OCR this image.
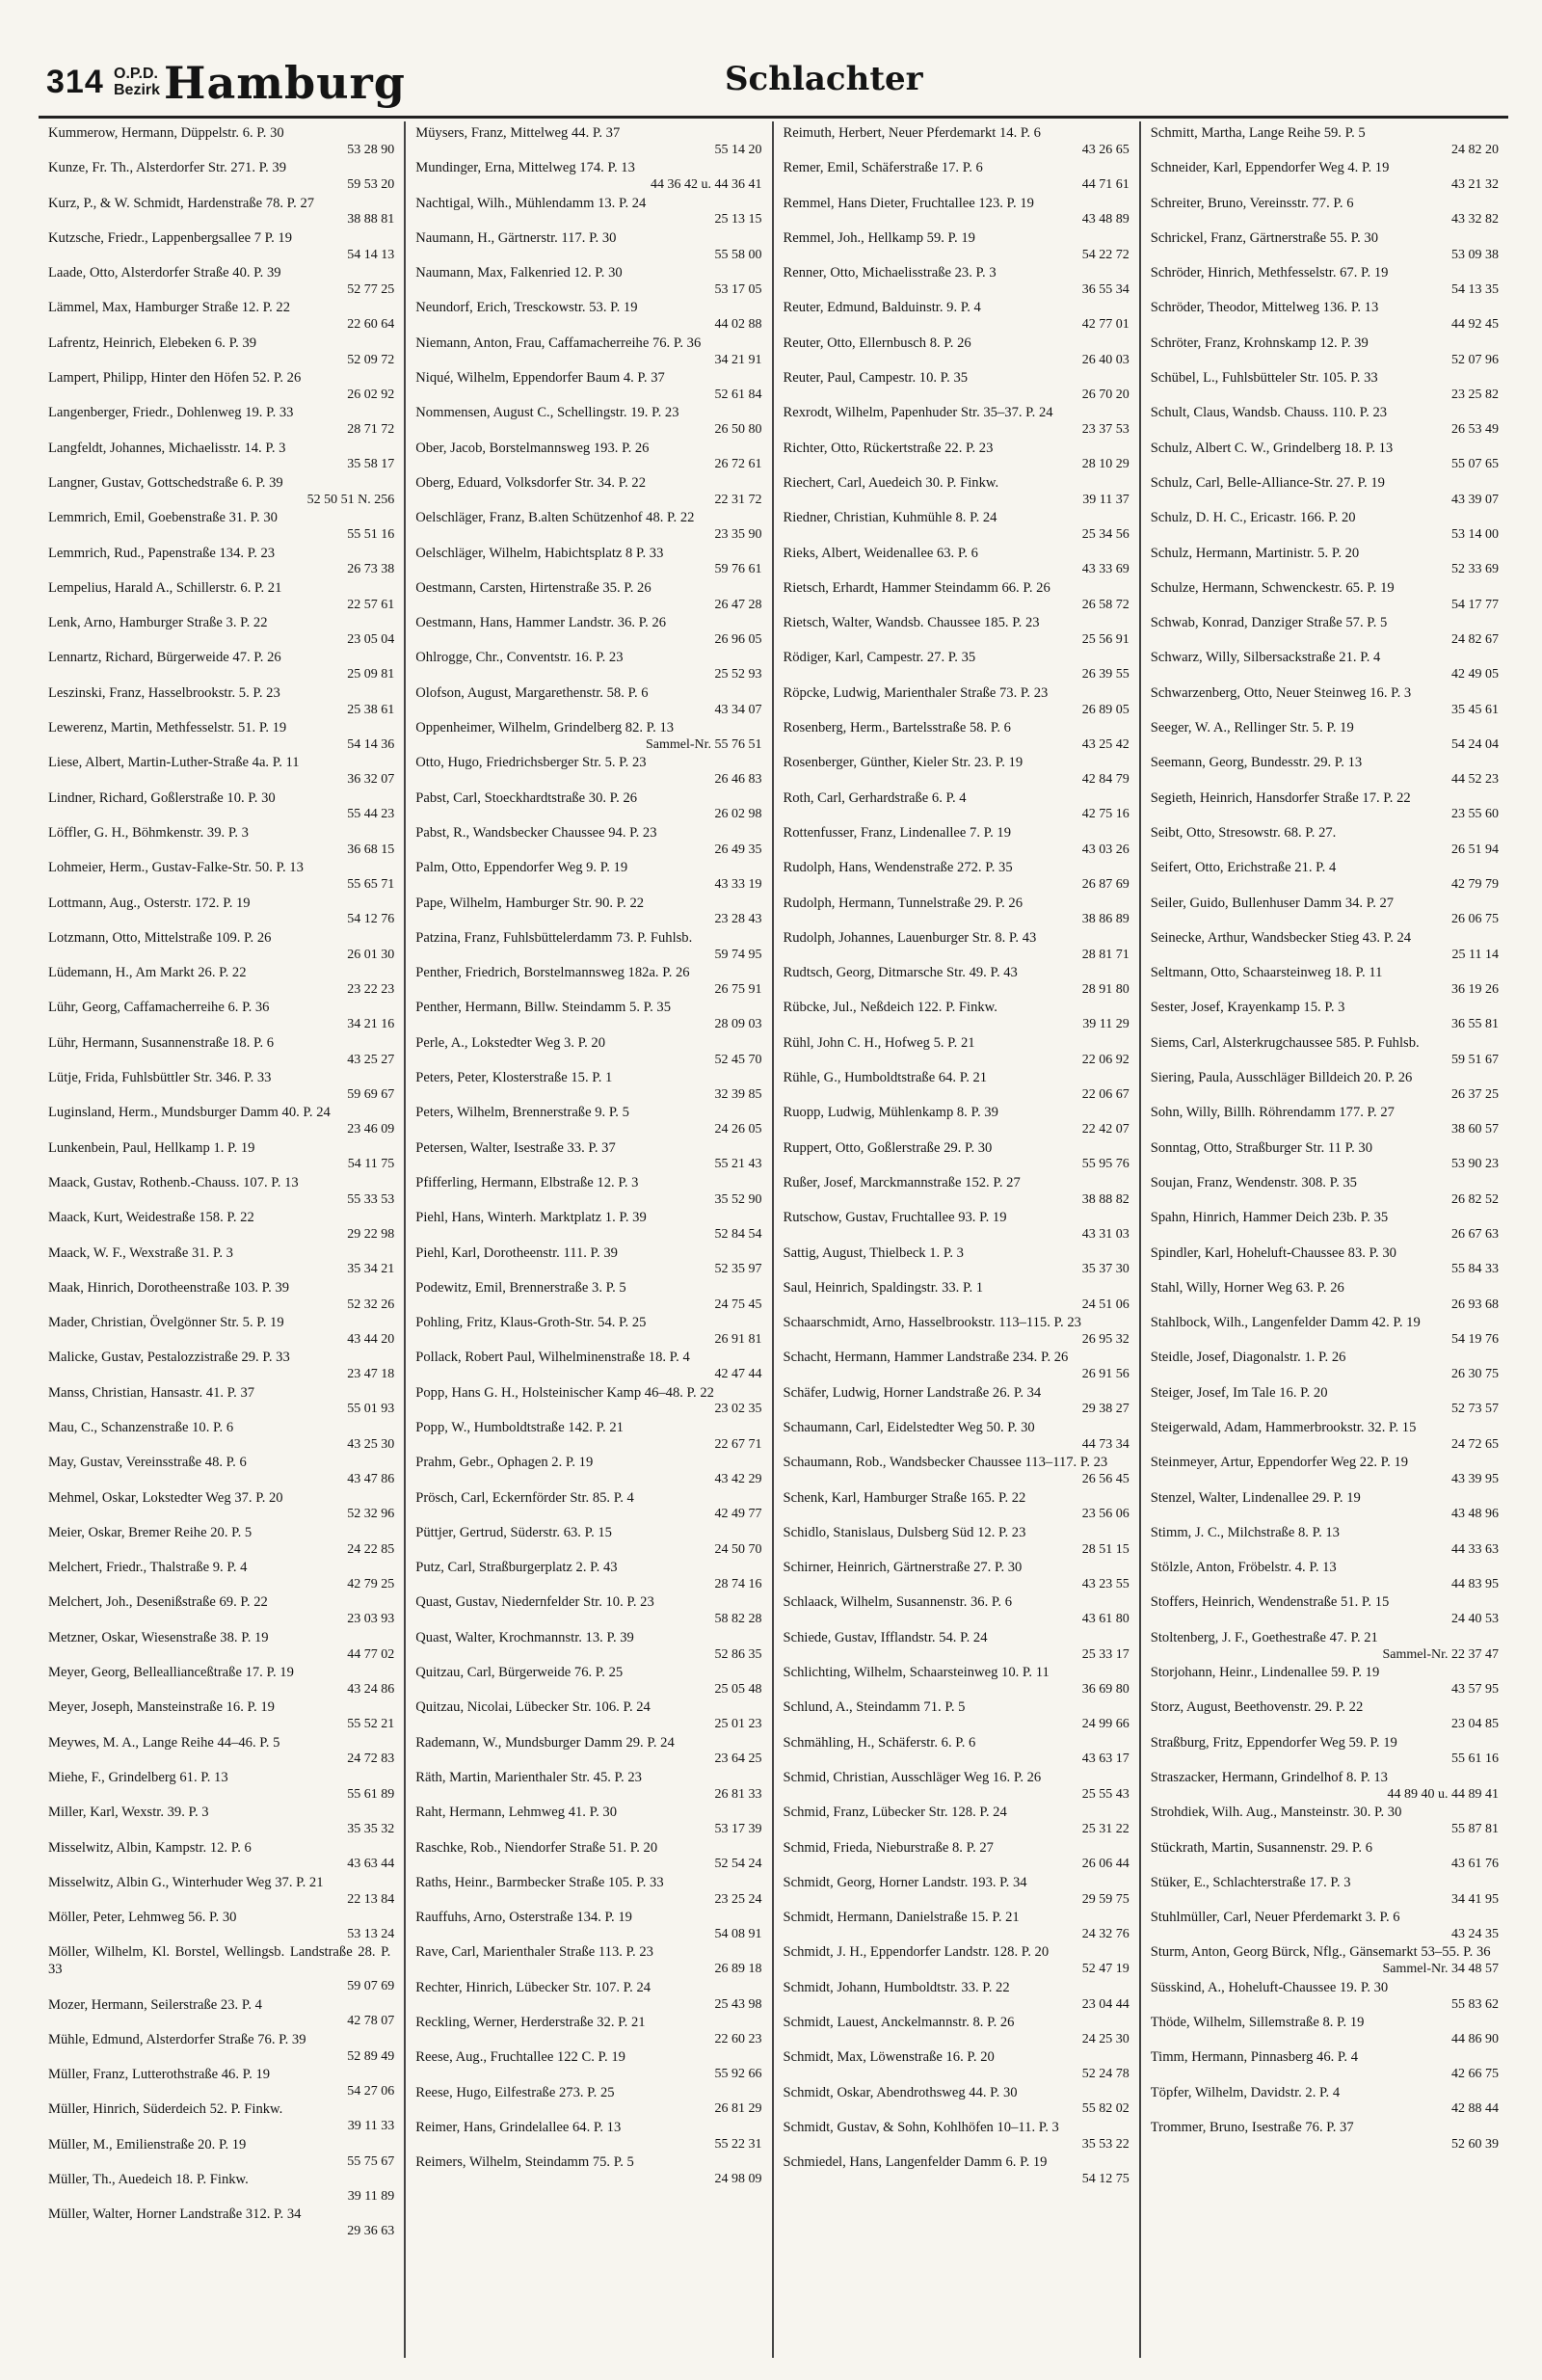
314 O.P.D.
Bezirk Hamburg	Schlachter
Kummerow, Hermann, Düppelstr. 6. P. 30
53 28 90
Kunze, Fr. Th., Alsterdorfer Str. 271. P. 39
59 53 20
Kurz, P., & W. Schmidt, Hardenstraße 78. P. 27
38 88 81
Kutzsche, Friedr., Lappenbergsallee 7 P. 19
54 14 13
Laade, Otto, Alsterdorfer Straße 40. P. 39
52 77 25
Lämmel, Max, Hamburger Straße 12. P. 22
22 60 64
Lafrentz, Heinrich, Elebeken 6. P. 39
52 09 72
Lampert, Philipp, Hinter den Höfen 52. P. 26
26 02 92
Langenberger, Friedr., Dohlenweg 19. P. 33
28 71 72
Langfeldt, Johannes, Michaelisstr. 14. P. 3
35 58 17
Langner, Gustav, Gottschedstraße 6. P. 39
52 50 51 N. 256
Lemmrich, Emil, Goebenstraße 31. P. 30
55 51 16
Lemmrich, Rud., Papenstraße 134. P. 23
26 73 38
Lempelius, Harald A., Schillerstr. 6. P. 21
22 57 61
Lenk, Arno, Hamburger Straße 3. P. 22
23 05 04
Lennartz, Richard, Bürgerweide 47. P. 26
25 09 81
Leszinski, Franz, Hasselbrookstr. 5. P. 23
25 38 61
Lewerenz, Martin, Methfesselstr. 51. P. 19
54 14 36
Liese, Albert, Martin-Luther-Straße 4a. P. 11
36 32 07
Lindner, Richard, Goßlerstraße 10. P. 30
55 44 23
Löffler, G. H., Böhmkenstr. 39. P. 3
36 68 15
Lohmeier, Herm., Gustav-Falke-Str. 50. P. 13
55 65 71
Lottmann, Aug., Osterstr. 172. P. 19
54 12 76
Lotzmann, Otto, Mittelstraße 109. P. 26
26 01 30
Lüdemann, H., Am Markt 26. P. 22
23 22 23
Lühr, Georg, Caffamacherreihe 6. P. 36
34 21 16
Lühr, Hermann, Susannenstraße 18. P. 6
43 25 27
Lütje, Frida, Fuhlsbüttler Str. 346. P. 33
59 69 67
Luginsland, Herm., Mundsburger Damm 40. P. 24
23 46 09
Lunkenbein, Paul, Hellkamp 1. P. 19
54 11 75
Maack, Gustav, Rothenb.-Chauss. 107. P. 13
55 33 53
Maack, Kurt, Weidestraße 158. P. 22
29 22 98
Maack, W. F., Wexstraße 31. P. 3
35 34 21
Maak, Hinrich, Dorotheenstraße 103. P. 39
52 32 26
Mader, Christian, Övelgönner Str. 5. P. 19
43 44 20
Malicke, Gustav, Pestalozzistraße 29. P. 33
23 47 18
Manss, Christian, Hansastr. 41. P. 37
55 01 93
Mau, C., Schanzenstraße 10. P. 6
43 25 30
May, Gustav, Vereinsstraße 48. P. 6
43 47 86
Mehmel, Oskar, Lokstedter Weg 37. P. 20
52 32 96
Meier, Oskar, Bremer Reihe 20. P. 5
24 22 85
Melchert, Friedr., Thalstraße 9. P. 4
42 79 25
Melchert, Joh., Desenißstraße 69. P. 22
23 03 93
Metzner, Oskar, Wiesenstraße 38. P. 19
44 77 02
Meyer, Georg, Belleallianceßtraße 17. P. 19
43 24 86
Meyer, Joseph, Mansteinstraße 16. P. 19
55 52 21
Meywes, M. A., Lange Reihe 44–46. P. 5
24 72 83
Miehe, F., Grindelberg 61. P. 13
55 61 89
Miller, Karl, Wexstr. 39. P. 3
35 35 32
Misselwitz, Albin, Kampstr. 12. P. 6
43 63 44
Misselwitz, Albin G., Winterhuder Weg 37. P. 21
22 13 84
Möller, Peter, Lehmweg 56. P. 30
53 13 24
Möller, Wilhelm, Kl. Borstel, Wellingsb. Landstraße 28. P. 33
59 07 69
Mozer, Hermann, Seilerstraße 23. P. 4
42 78 07
Mühle, Edmund, Alsterdorfer Straße 76. P. 39
52 89 49
Müller, Franz, Lutterothstraße 46. P. 19
54 27 06
Müller, Hinrich, Süderdeich 52. P. Finkw.
39 11 33
Müller, M., Emilienstraße 20. P. 19
55 75 67
Müller, Th., Auedeich 18. P. Finkw.
39 11 89
Müller, Walter, Horner Landstraße 312. P. 34
29 36 63
Müysers, Franz, Mittelweg 44. P. 37
55 14 20
Mundinger, Erna, Mittelweg 174. P. 13
44 36 42 u. 44 36 41
Nachtigal, Wilh., Mühlendamm 13. P. 24
25 13 15
Naumann, H., Gärtnerstr. 117. P. 30
55 58 00
Naumann, Max, Falkenried 12. P. 30
53 17 05
Neundorf, Erich, Tresckowstr. 53. P. 19
44 02 88
Niemann, Anton, Frau, Caffamacherreihe 76. P. 36
34 21 91
Niqué, Wilhelm, Eppendorfer Baum 4. P. 37
52 61 84
Nommensen, August C., Schellingstr. 19. P. 23
26 50 80
Ober, Jacob, Borstelmannsweg 193. P. 26
26 72 61
Oberg, Eduard, Volksdorfer Str. 34. P. 22
22 31 72
Oelschläger, Franz, B.alten Schützenhof 48. P. 22
23 35 90
Oelschläger, Wilhelm, Habichtsplatz 8 P. 33
59 76 61
Oestmann, Carsten, Hirtenstraße 35. P. 26
26 47 28
Oestmann, Hans, Hammer Landstr. 36. P. 26
26 96 05
Ohlrogge, Chr., Conventstr. 16. P. 23
25 52 93
Olofson, August, Margarethenstr. 58. P. 6
43 34 07
Oppenheimer, Wilhelm, Grindelberg 82. P. 13
Sammel-Nr. 55 76 51
Otto, Hugo, Friedrichsberger Str. 5. P. 23
26 46 83
Pabst, Carl, Stoeckhardtstraße 30. P. 26
26 02 98
Pabst, R., Wandsbecker Chaussee 94. P. 23
26 49 35
Palm, Otto, Eppendorfer Weg 9. P. 19
43 33 19
Pape, Wilhelm, Hamburger Str. 90. P. 22
23 28 43
Patzina, Franz, Fuhlsbüttelerdamm 73. P. Fuhlsb.
59 74 95
Penther, Friedrich, Borstelmannsweg 182a. P. 26
26 75 91
Penther, Hermann, Billw. Steindamm 5. P. 35
28 09 03
Perle, A., Lokstedter Weg 3. P. 20
52 45 70
Peters, Peter, Klosterstraße 15. P. 1
32 39 85
Peters, Wilhelm, Brennerstraße 9. P. 5
24 26 05
Petersen, Walter, Isestraße 33. P. 37
55 21 43
Pfifferling, Hermann, Elbstraße 12. P. 3
35 52 90
Piehl, Hans, Winterh. Marktplatz 1. P. 39
52 84 54
Piehl, Karl, Dorotheenstr. 111. P. 39
52 35 97
Podewitz, Emil, Brennerstraße 3. P. 5
24 75 45
Pohling, Fritz, Klaus-Groth-Str. 54. P. 25
26 91 81
Pollack, Robert Paul, Wilhelminenstraße 18. P. 4
42 47 44
Popp, Hans G. H., Holsteinischer Kamp 46–48. P. 22
23 02 35
Popp, W., Humboldtstraße 142. P. 21
22 67 71
Prahm, Gebr., Ophagen 2. P. 19
43 42 29
Prösch, Carl, Eckernförder Str. 85. P. 4
42 49 77
Püttjer, Gertrud, Süderstr. 63. P. 15
24 50 70
Putz, Carl, Straßburgerplatz 2. P. 43
28 74 16
Quast, Gustav, Niedernfelder Str. 10. P. 23
58 82 28
Quast, Walter, Krochmannstr. 13. P. 39
52 86 35
Quitzau, Carl, Bürgerweide 76. P. 25
25 05 48
Quitzau, Nicolai, Lübecker Str. 106. P. 24
25 01 23
Rademann, W., Mundsburger Damm 29. P. 24
23 64 25
Räth, Martin, Marienthaler Str. 45. P. 23
26 81 33
Raht, Hermann, Lehmweg 41. P. 30
53 17 39
Raschke, Rob., Niendorfer Straße 51. P. 20
52 54 24
Raths, Heinr., Barmbecker Straße 105. P. 33
23 25 24
Rauffuhs, Arno, Osterstraße 134. P. 19
54 08 91
Rave, Carl, Marienthaler Straße 113. P. 23
26 89 18
Rechter, Hinrich, Lübecker Str. 107. P. 24
25 43 98
Reckling, Werner, Herderstraße 32. P. 21
22 60 23
Reese, Aug., Fruchtallee 122 C. P. 19
55 92 66
Reese, Hugo, Eilfestraße 273. P. 25
26 81 29
Reimer, Hans, Grindelallee 64. P. 13
55 22 31
Reimers, Wilhelm, Steindamm 75. P. 5
24 98 09
Reimuth, Herbert, Neuer Pferdemarkt 14. P. 6
43 26 65
Remer, Emil, Schäferstraße 17. P. 6
44 71 61
Remmel, Hans Dieter, Fruchtallee 123. P. 19
43 48 89
Remmel, Joh., Hellkamp 59. P. 19
54 22 72
Renner, Otto, Michaelisstraße 23. P. 3
36 55 34
Reuter, Edmund, Balduinstr. 9. P. 4
42 77 01
Reuter, Otto, Ellernbusch 8. P. 26
26 40 03
Reuter, Paul, Campestr. 10. P. 35
26 70 20
Rexrodt, Wilhelm, Papenhuder Str. 35–37. P. 24
23 37 53
Richter, Otto, Rückertstraße 22. P. 23
28 10 29
Riechert, Carl, Auedeich 30. P. Finkw.
39 11 37
Riedner, Christian, Kuhmühle 8. P. 24
25 34 56
Rieks, Albert, Weidenallee 63. P. 6
43 33 69
Rietsch, Erhardt, Hammer Steindamm 66. P. 26
26 58 72
Rietsch, Walter, Wandsb. Chaussee 185. P. 23
25 56 91
Rödiger, Karl, Campestr. 27. P. 35
26 39 55
Röpcke, Ludwig, Marienthaler Straße 73. P. 23
26 89 05
Rosenberg, Herm., Bartelsstraße 58. P. 6
43 25 42
Rosenberger, Günther, Kieler Str. 23. P. 19
42 84 79
Roth, Carl, Gerhardstraße 6. P. 4
42 75 16
Rottenfusser, Franz, Lindenallee 7. P. 19
43 03 26
Rudolph, Hans, Wendenstraße 272. P. 35
26 87 69
Rudolph, Hermann, Tunnelstraße 29. P. 26
38 86 89
Rudolph, Johannes, Lauenburger Str. 8. P. 43
28 81 71
Rudtsch, Georg, Ditmarsche Str. 49. P. 43
28 91 80
Rübcke, Jul., Neßdeich 122. P. Finkw.
39 11 29
Rühl, John C. H., Hofweg 5. P. 21
22 06 92
Rühle, G., Humboldtstraße 64. P. 21
22 06 67
Ruopp, Ludwig, Mühlenkamp 8. P. 39
22 42 07
Ruppert, Otto, Goßlerstraße 29. P. 30
55 95 76
Rußer, Josef, Marckmannstraße 152. P. 27
38 88 82
Rutschow, Gustav, Fruchtallee 93. P. 19
43 31 03
Sattig, August, Thielbeck 1. P. 3
35 37 30
Saul, Heinrich, Spaldingstr. 33. P. 1
24 51 06
Schaarschmidt, Arno, Hasselbrookstr. 113–115. P. 23
26 95 32
Schacht, Hermann, Hammer Landstraße 234. P. 26
26 91 56
Schäfer, Ludwig, Horner Landstraße 26. P. 34
29 38 27
Schaumann, Carl, Eidelstedter Weg 50. P. 30
44 73 34
Schaumann, Rob., Wandsbecker Chaussee 113–117. P. 23
26 56 45
Schenk, Karl, Hamburger Straße 165. P. 22
23 56 06
Schidlo, Stanislaus, Dulsberg Süd 12. P. 23
28 51 15
Schirner, Heinrich, Gärtnerstraße 27. P. 30
43 23 55
Schlaack, Wilhelm, Susannenstr. 36. P. 6
43 61 80
Schiede, Gustav, Ifflandstr. 54. P. 24
25 33 17
Schlichting, Wilhelm, Schaarsteinweg 10. P. 11
36 69 80
Schlund, A., Steindamm 71. P. 5
24 99 66
Schmähling, H., Schäferstr. 6. P. 6
43 63 17
Schmid, Christian, Ausschläger Weg 16. P. 26
25 55 43
Schmid, Franz, Lübecker Str. 128. P. 24
25 31 22
Schmid, Frieda, Nieburstraße 8. P. 27
26 06 44
Schmidt, Georg, Horner Landstr. 193. P. 34
29 59 75
Schmidt, Hermann, Danielstraße 15. P. 21
24 32 76
Schmidt, J. H., Eppendorfer Landstr. 128. P. 20
52 47 19
Schmidt, Johann, Humboldtstr. 33. P. 22
23 04 44
Schmidt, Lauest, Anckelmannstr. 8. P. 26
24 25 30
Schmidt, Max, Löwenstraße 16. P. 20
52 24 78
Schmidt, Oskar, Abendrothsweg 44. P. 30
55 82 02
Schmidt, Gustav, & Sohn, Kohlhöfen 10–11. P. 3
35 53 22
Schmiedel, Hans, Langenfelder Damm 6. P. 19
54 12 75
Schmitt, Martha, Lange Reihe 59. P. 5
24 82 20
Schneider, Karl, Eppendorfer Weg 4. P. 19
43 21 32
Schreiter, Bruno, Vereinsstr. 77. P. 6
43 32 82
Schrickel, Franz, Gärtnerstraße 55. P. 30
53 09 38
Schröder, Hinrich, Methfesselstr. 67. P. 19
54 13 35
Schröder, Theodor, Mittelweg 136. P. 13
44 92 45
Schröter, Franz, Krohnskamp 12. P. 39
52 07 96
Schübel, L., Fuhlsbütteler Str. 105. P. 33
23 25 82
Schult, Claus, Wandsb. Chauss. 110. P. 23
26 53 49
Schulz, Albert C. W., Grindelberg 18. P. 13
55 07 65
Schulz, Carl, Belle-Alliance-Str. 27. P. 19
43 39 07
Schulz, D. H. C., Ericastr. 166. P. 20
53 14 00
Schulz, Hermann, Martinistr. 5. P. 20
52 33 69
Schulze, Hermann, Schwenckestr. 65. P. 19
54 17 77
Schwab, Konrad, Danziger Straße 57. P. 5
24 82 67
Schwarz, Willy, Silbersackstraße 21. P. 4
42 49 05
Schwarzenberg, Otto, Neuer Steinweg 16. P. 3
35 45 61
Seeger, W. A., Rellinger Str. 5. P. 19
54 24 04
Seemann, Georg, Bundesstr. 29. P. 13
44 52 23
Segieth, Heinrich, Hansdorfer Straße 17. P. 22
23 55 60
Seibt, Otto, Stresowstr. 68. P. 27.
26 51 94
Seifert, Otto, Erichstraße 21. P. 4
42 79 79
Seiler, Guido, Bullenhuser Damm 34. P. 27
26 06 75
Seinecke, Arthur, Wandsbecker Stieg 43. P. 24
25 11 14
Seltmann, Otto, Schaarsteinweg 18. P. 11
36 19 26
Sester, Josef, Krayenkamp 15. P. 3
36 55 81
Siems, Carl, Alsterkrugchaussee 585. P. Fuhlsb.
59 51 67
Siering, Paula, Ausschläger Billdeich 20. P. 26
26 37 25
Sohn, Willy, Billh. Röhrendamm 177. P. 27
38 60 57
Sonntag, Otto, Straßburger Str. 11 P. 30
53 90 23
Soujan, Franz, Wendenstr. 308. P. 35
26 82 52
Spahn, Hinrich, Hammer Deich 23b. P. 35
26 67 63
Spindler, Karl, Hoheluft-Chaussee 83. P. 30
55 84 33
Stahl, Willy, Horner Weg 63. P. 26
26 93 68
Stahlbock, Wilh., Langenfelder Damm 42. P. 19
54 19 76
Steidle, Josef, Diagonalstr. 1. P. 26
26 30 75
Steiger, Josef, Im Tale 16. P. 20
52 73 57
Steigerwald, Adam, Hammerbrookstr. 32. P. 15
24 72 65
Steinmeyer, Artur, Eppendorfer Weg 22. P. 19
43 39 95
Stenzel, Walter, Lindenallee 29. P. 19
43 48 96
Stimm, J. C., Milchstraße 8. P. 13
44 33 63
Stölzle, Anton, Fröbelstr. 4. P. 13
44 83 95
Stoffers, Heinrich, Wendenstraße 51. P. 15
24 40 53
Stoltenberg, J. F., Goethestraße 47. P. 21
Sammel-Nr. 22 37 47
Storjohann, Heinr., Lindenallee 59. P. 19
43 57 95
Storz, August, Beethovenstr. 29. P. 22
23 04 85
Straßburg, Fritz, Eppendorfer Weg 59. P. 19
55 61 16
Straszacker, Hermann, Grindelhof 8. P. 13
44 89 40 u. 44 89 41
Strohdiek, Wilh. Aug., Mansteinstr. 30. P. 30
55 87 81
Stückrath, Martin, Susannenstr. 29. P. 6
43 61 76
Stüker, E., Schlachterstraße 17. P. 3
34 41 95
Stuhlmüller, Carl, Neuer Pferdemarkt 3. P. 6
43 24 35
Sturm, Anton, Georg Bürck, Nflg., Gänsemarkt 53–55. P. 36
Sammel-Nr. 34 48 57
Süsskind, A., Hoheluft-Chaussee 19. P. 30
55 83 62
Thöde, Wilhelm, Sillemstraße 8. P. 19
44 86 90
Timm, Hermann, Pinnasberg 46. P. 4
42 66 75
Töpfer, Wilhelm, Davidstr. 2. P. 4
42 88 44
Trommer, Bruno, Isestraße 76. P. 37
52 60 39
